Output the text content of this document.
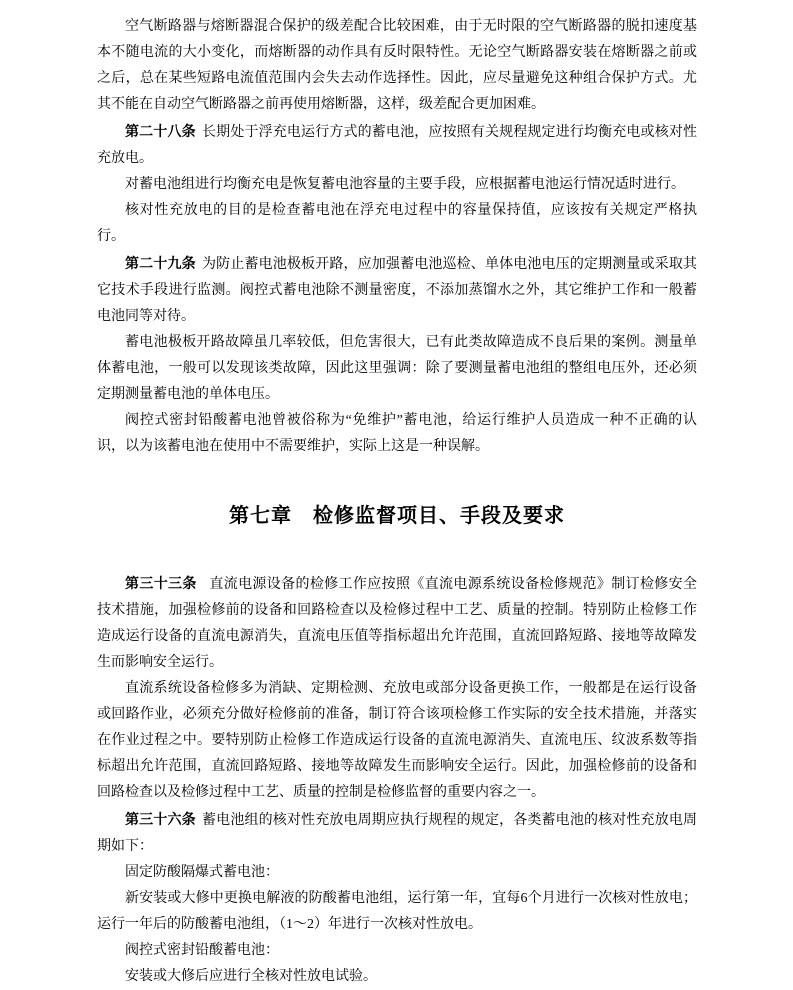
空气断路器与熔断器混合保护的级差配合比较困难，由于无时限的空气断路器的脱扣速度基本不随电流的大小变化，而熔断器的动作具有反时限特性。无论空气断路器安装在熔断器之前或之后，总在某些短路电流值范围内会失去动作选择性。因此，应尽量避免这种组合保护方式。尤其不能在自动空气断路器之前再使用熔断器，这样，级差配合更加困难。

第二十八条 长期处于浮充电运行方式的蓄电池，应按照有关规程规定进行均衡充电或核对性充放电。

对蓄电池组进行均衡充电是恢复蓄电池容量的主要手段，应根据蓄电池运行情况适时进行。

核对性充放电的目的是检查蓄电池在浮充电过程中的容量保持值，应该按有关规定严格执行。

第二十九条 为防止蓄电池极板开路，应加强蓄电池巡检、单体电池电压的定期测量或采取其它技术手段进行监测。阀控式蓄电池除不测量密度，不添加蒸馏水之外，其它维护工作和一般蓄电池同等对待。

蓄电池极板开路故障虽几率较低，但危害很大，已有此类故障造成不良后果的案例。测量单体蓄电池，一般可以发现该类故障，因此这里强调：除了要测量蓄电池组的整组电压外，还必须定期测量蓄电池的单体电压。

阀控式密封铅酸蓄电池曾被俗称为“免维护”蓄电池，给运行维护人员造成一种不正确的认识，以为该蓄电池在使用中不需要维护，实际上这是一种误解。

第七章　检修监督项目、手段及要求

第三十三条 直流电源设备的检修工作应按照《直流电源系统设备检修规范》制订检修安全技术措施，加强检修前的设备和回路检查以及检修过程中工艺、质量的控制。特别防止检修工作造成运行设备的直流电源消失，直流电压值等指标超出允许范围，直流回路短路、接地等故障发生而影响安全运行。

直流系统设备检修多为消缺、定期检测、充放电或部分设备更换工作，一般都是在运行设备或回路作业，必须充分做好检修前的准备，制订符合该项检修工作实际的安全技术措施，并落实在作业过程之中。要特别防止检修工作造成运行设备的直流电源消失、直流电压、纹波系数等指标超出允许范围，直流回路短路、接地等故障发生而影响安全运行。因此，加强检修前的设备和回路检查以及检修过程中工艺、质量的控制是检修监督的重要内容之一。

第三十六条 蓄电池组的核对性充放电周期应执行规程的规定，各类蓄电池的核对性充放电周期如下：

固定防酸隔爆式蓄电池：

新安装或大修中更换电解液的防酸蓄电池组，运行第一年，宜每6个月进行一次核对性放电；运行一年后的防酸蓄电池组，（1～2）年进行一次核对性放电。

阀控式密封铅酸蓄电池：

安装或大修后应进行全核对性放电试验。
